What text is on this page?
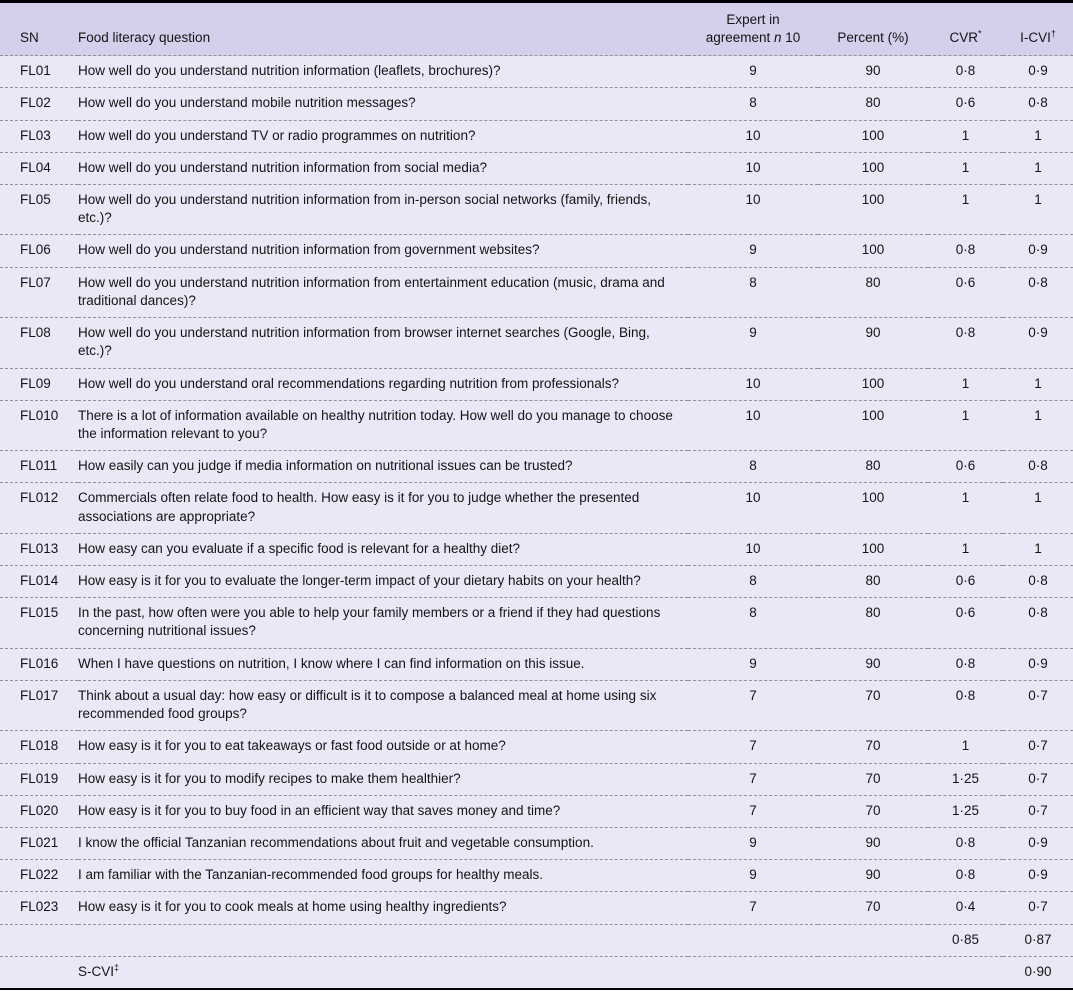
SN	Food literacy question	Expert in
agreement n 10	Percent (%)	CVR*	I-CVI†
FL01	How well do you understand nutrition information (leaflets, brochures)?	9	90	0·8	0·9
FL02	How well do you understand mobile nutrition messages?	8	80	0·6	0·8
FL03	How well do you understand TV or radio programmes on nutrition?	10	100	1	1
FL04	How well do you understand nutrition information from social media?	10	100	1	1
FL05	How well do you understand nutrition information from in-person social networks (family, friends, etc.)?	10	100	1	1
FL06	How well do you understand nutrition information from government websites?	9	100	0·8	0·9
FL07	How well do you understand nutrition information from entertainment education (music, drama and traditional dances)?	8	80	0·6	0·8
FL08	How well do you understand nutrition information from browser internet searches (Google, Bing, etc.)?	9	90	0·8	0·9
FL09	How well do you understand oral recommendations regarding nutrition from professionals?	10	100	1	1
FL010	There is a lot of information available on healthy nutrition today. How well do you manage to choose the information relevant to you?	10	100	1	1
FL011	How easily can you judge if media information on nutritional issues can be trusted?	8	80	0·6	0·8
FL012	Commercials often relate food to health. How easy is it for you to judge whether the presented associations are appropriate?	10	100	1	1
FL013	How easy can you evaluate if a specific food is relevant for a healthy diet?	10	100	1	1
FL014	How easy is it for you to evaluate the longer-term impact of your dietary habits on your health?	8	80	0·6	0·8
FL015	In the past, how often were you able to help your family members or a friend if they had questions concerning nutritional issues?	8	80	0·6	0·8
FL016	When I have questions on nutrition, I know where I can find information on this issue.	9	90	0·8	0·9
FL017	Think about a usual day: how easy or difficult is it to compose a balanced meal at home using six recommended food groups?	7	70	0·8	0·7
FL018	How easy is it for you to eat takeaways or fast food outside or at home?	7	70	1	0·7
FL019	How easy is it for you to modify recipes to make them healthier?	7	70	1·25	0·7
FL020	How easy is it for you to buy food in an efficient way that saves money and time?	7	70	1·25	0·7
FL021	I know the official Tanzanian recommendations about fruit and vegetable consumption.	9	90	0·8	0·9
FL022	I am familiar with the Tanzanian-recommended food groups for healthy meals.	9	90	0·8	0·9
FL023	How easy is it for you to cook meals at home using healthy ingredients?	7	70	0·4	0·7
				0·85	0·87
	S-CVI‡				0·90
